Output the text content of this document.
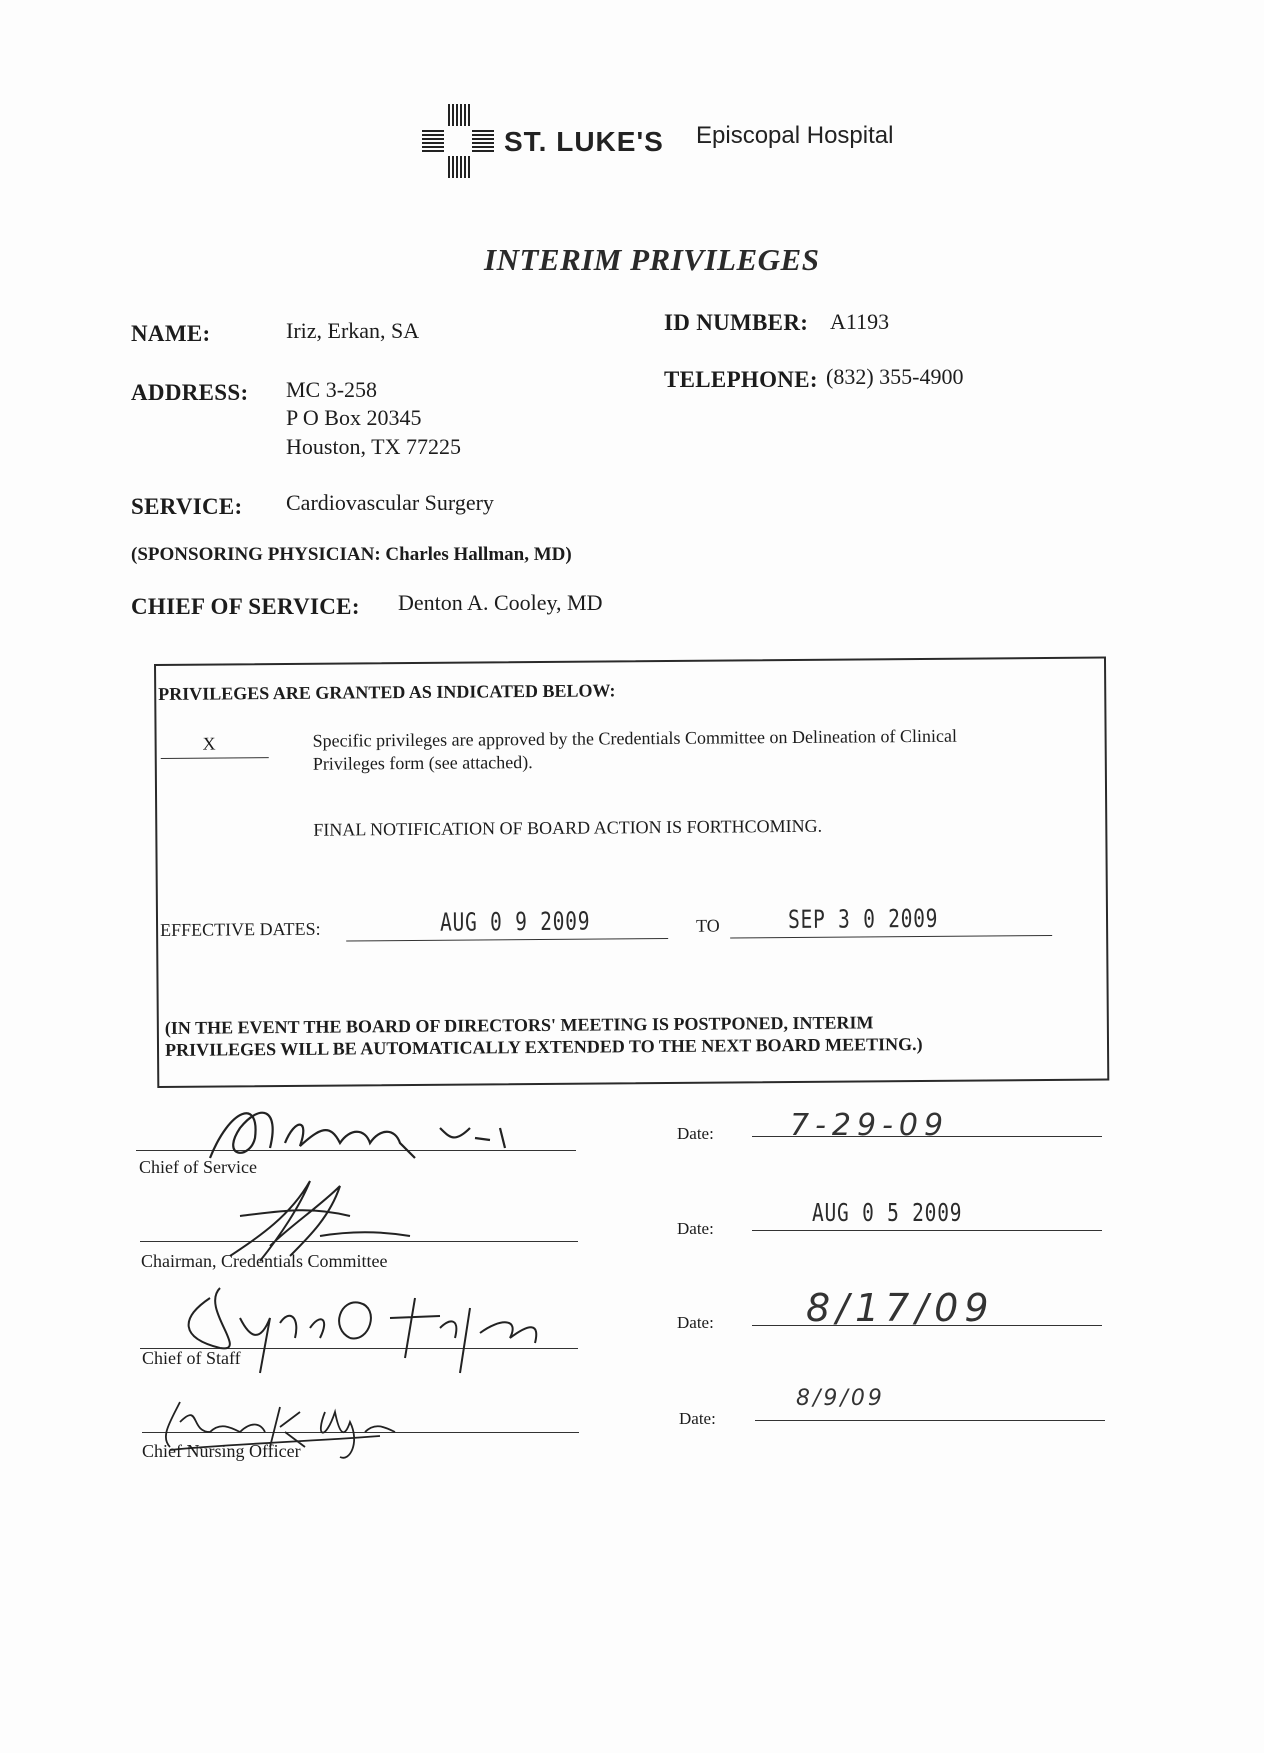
ST. LUKE'S Episcopal Hospital
INTERIM PRIVILEGES
NAME:	Iriz, Erkan, SA	ID NUMBER: A1193
ADDRESS: MC 3-258
P O Box 20345
Houston, TX 77225
TELEPHONE: (832) 355-4900
SERVICE: Cardiovascular Surgery
(SPONSORING PHYSICIAN: Charles Hallman, MD)
CHIEF OF SERVICE: Denton A. Cooley, MD
PRIVILEGES ARE GRANTED AS INDICATED BELOW:
X	Specific privileges are approved by the Credentials Committee on Delineation of Clinical
Privileges form (see attached).
FINAL NOTIFICATION OF BOARD ACTION IS FORTHCOMING.
EFFECTIVE DATES:	AUG 0 9 2009	TO	SEP 3 0 2009
(IN THE EVENT THE BOARD OF DIRECTORS' MEETING IS POSTPONED, INTERIM
PRIVILEGES WILL BE AUTOMATICALLY EXTENDED TO THE NEXT BOARD MEETING.)
Chief of Service
Date:	7-29-09
Chairman, Credentials Committee
Date:
AUG 0 5 2009
Chief of Staff
Date: 8/17/09
Chief Nursing Officer
Date:
8/9/09
